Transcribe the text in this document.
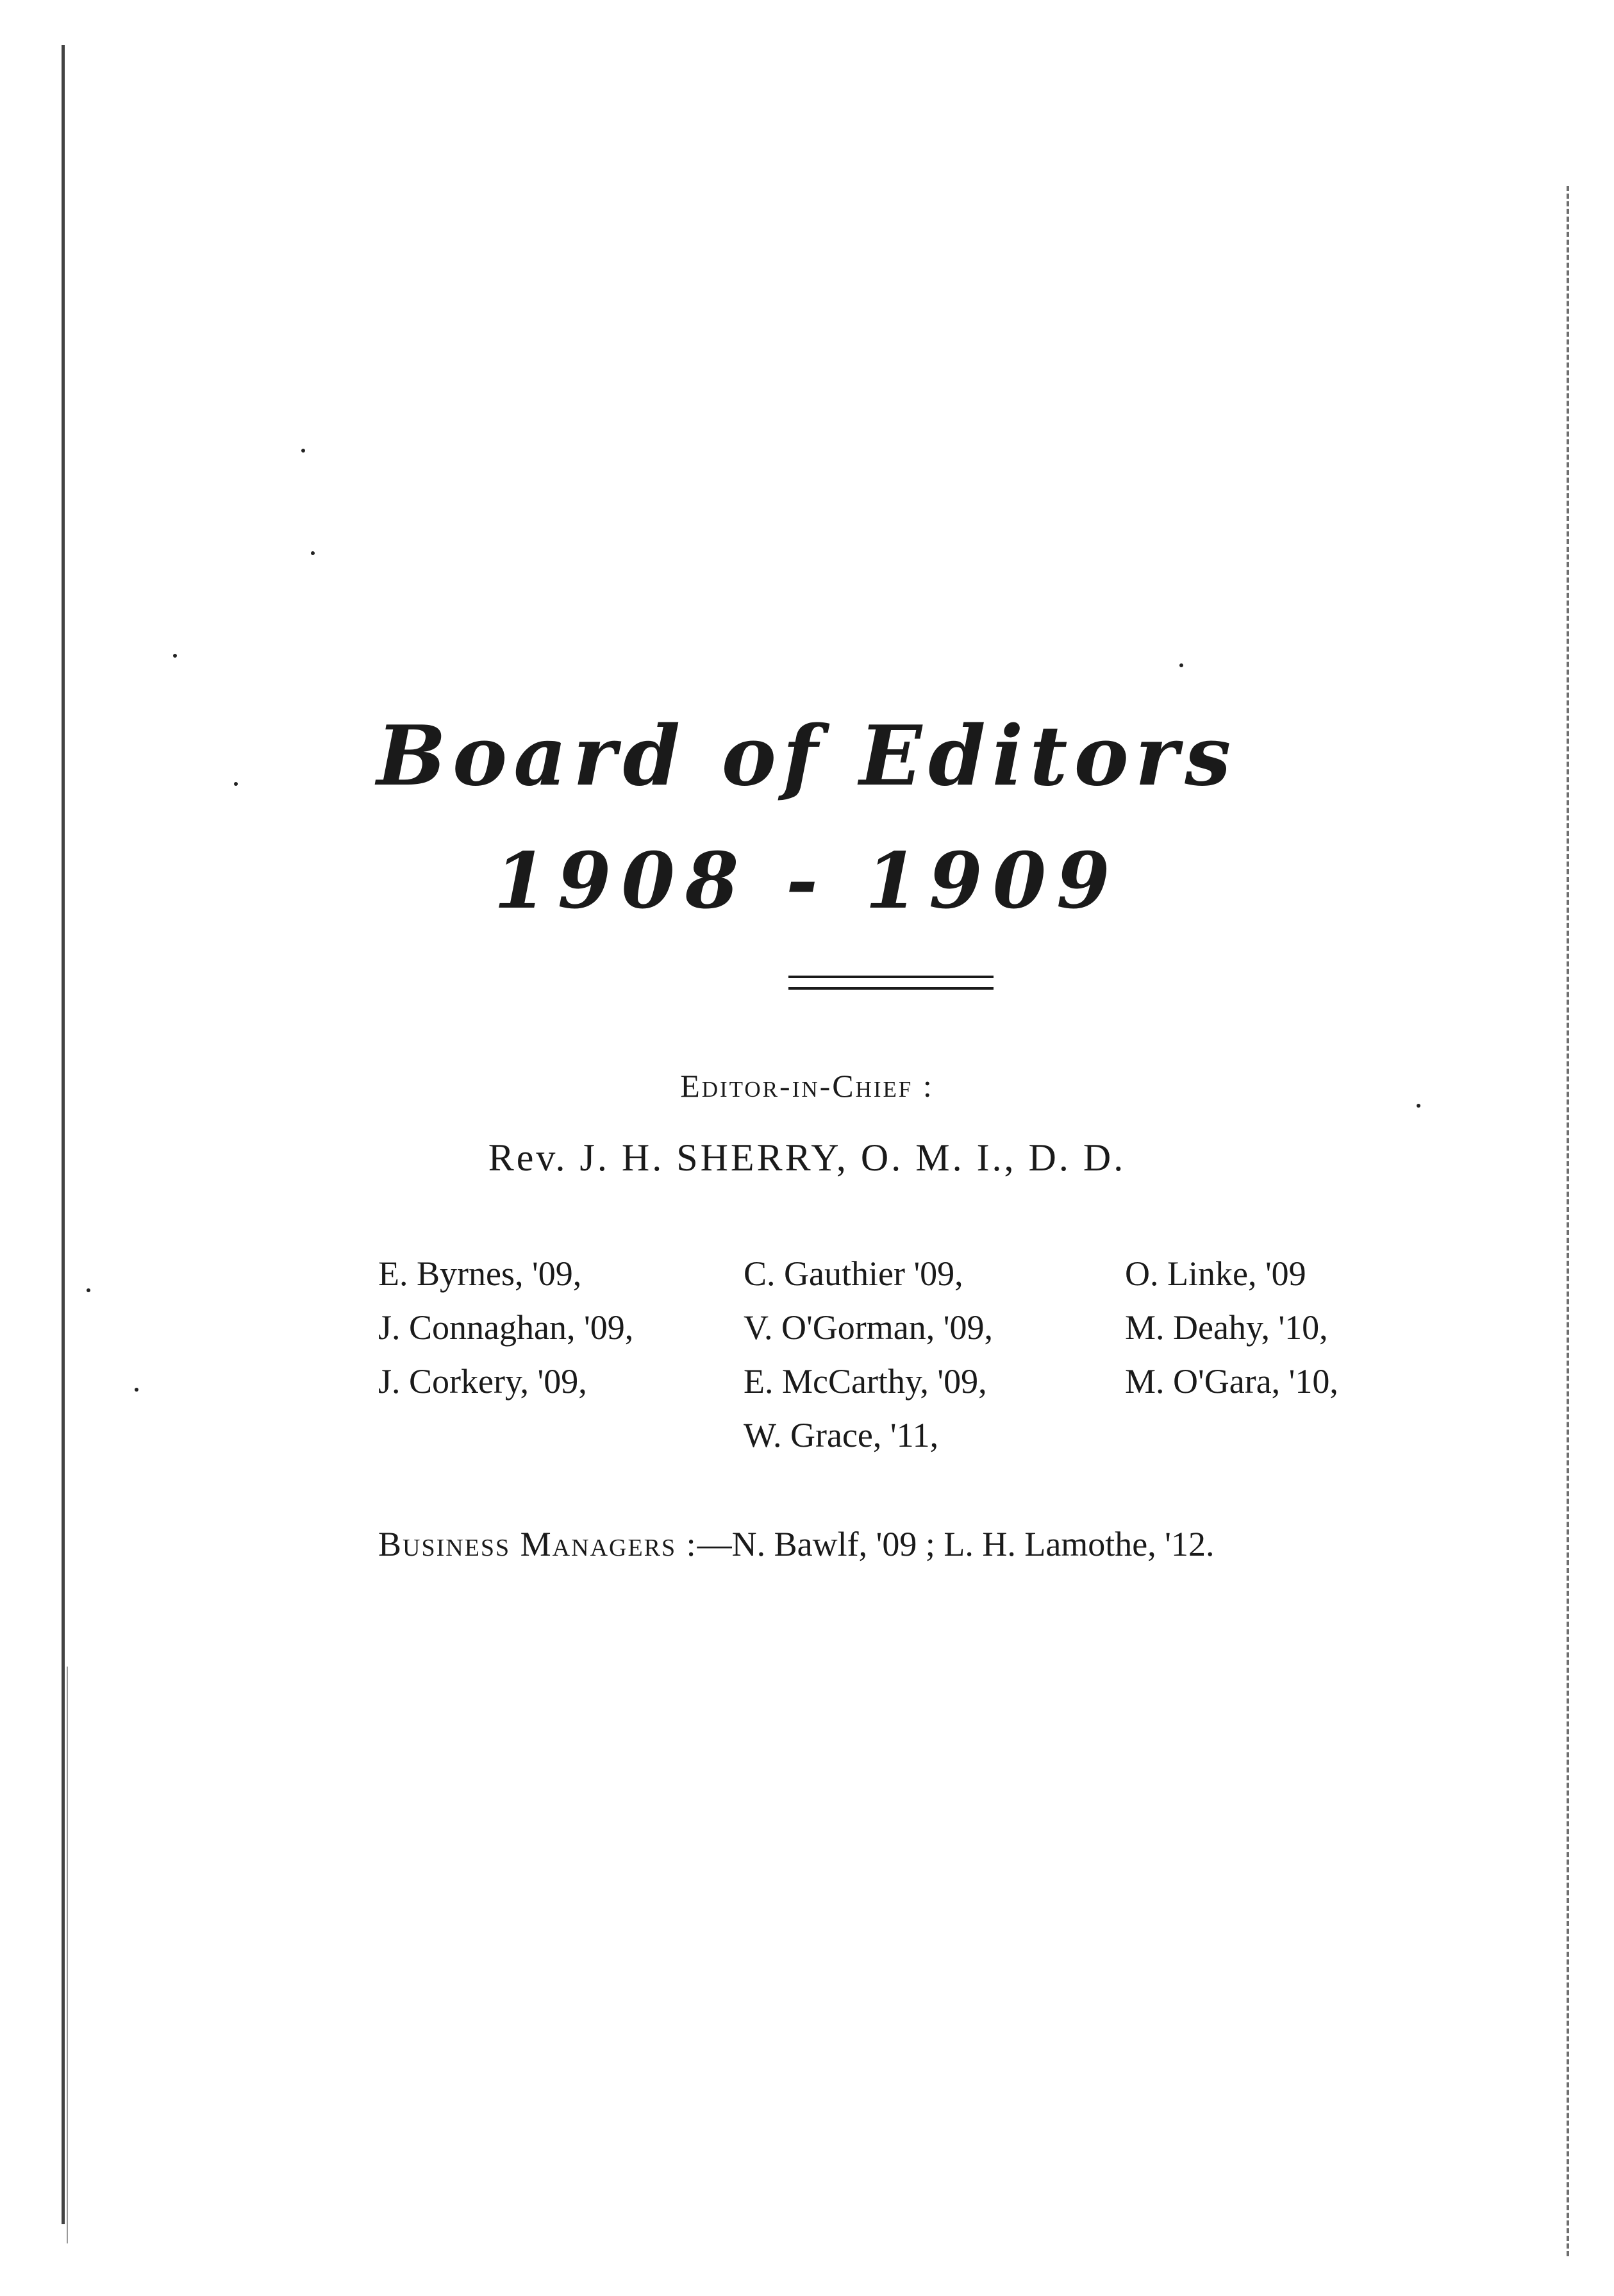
Board of Editors
1908 - 1909

Editor-in-Chief :

Rev. J. H. SHERRY, O. M. I., D. D.

E. Byrnes, '09,
J. Connaghan, '09,
J. Corkery, '09,
C. Gauthier '09,
V. O'Gorman, '09,
E. McCarthy, '09,
W. Grace, '11,
O. Linke, '09
M. Deahy, '10,
M. O'Gara, '10,
Business Managers :—N. Bawlf, '09 ; L. H. Lamothe, '12.
